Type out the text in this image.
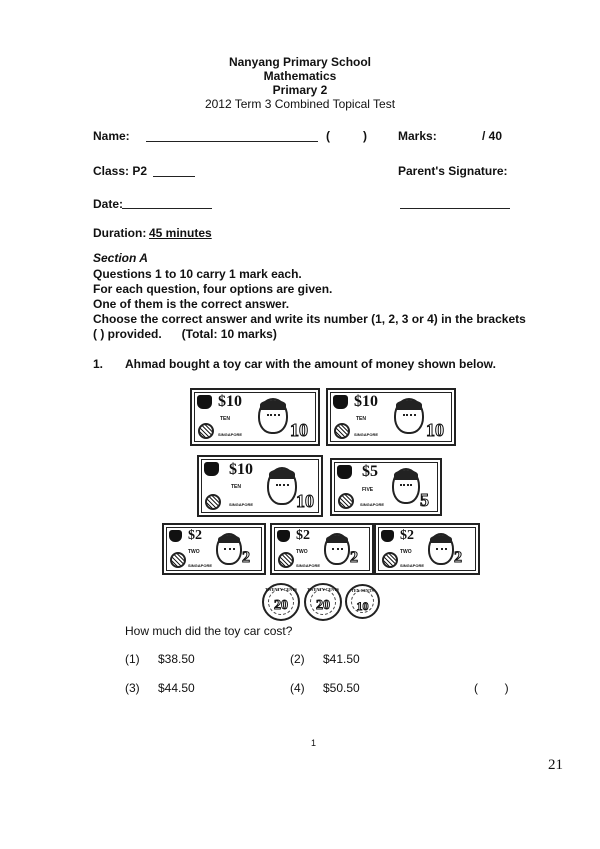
Nanyang Primary School
Mathematics
Primary 2
2012 Term 3 Combined Topical Test
Name:	(	)	Marks:	/ 40
Class: P2	Parent's Signature:
Date:
Duration: 45 minutes
Section A
Questions 1 to 10 carry 1 mark each.
For each question, four options are given.
One of them is the correct answer.
Choose the correct answer and write its number (1, 2, 3 or 4) in the brackets
( ) provided.      (Total: 10 marks)
1. Ahmad bought a toy car with the amount of money shown below.
$10
TEN
SINGAPORE	10
$10
TEN
SINGAPORE	10
$10
TEN
SINGAPORE 10
$5
FIVE
SINGAPORE 5
$2
TWO
SINGAPORE 2
$2
TWO
SINGAPORE 2
$2
TWO
SINGAPORE 2
TWENTY CENTS
20
TWENTY CENTS
20
TEN CENTS
10
How much did the toy car cost?
(1) $38.50	(2) $41.50
(3) $44.50	(4) $50.50	(        )
1
21
